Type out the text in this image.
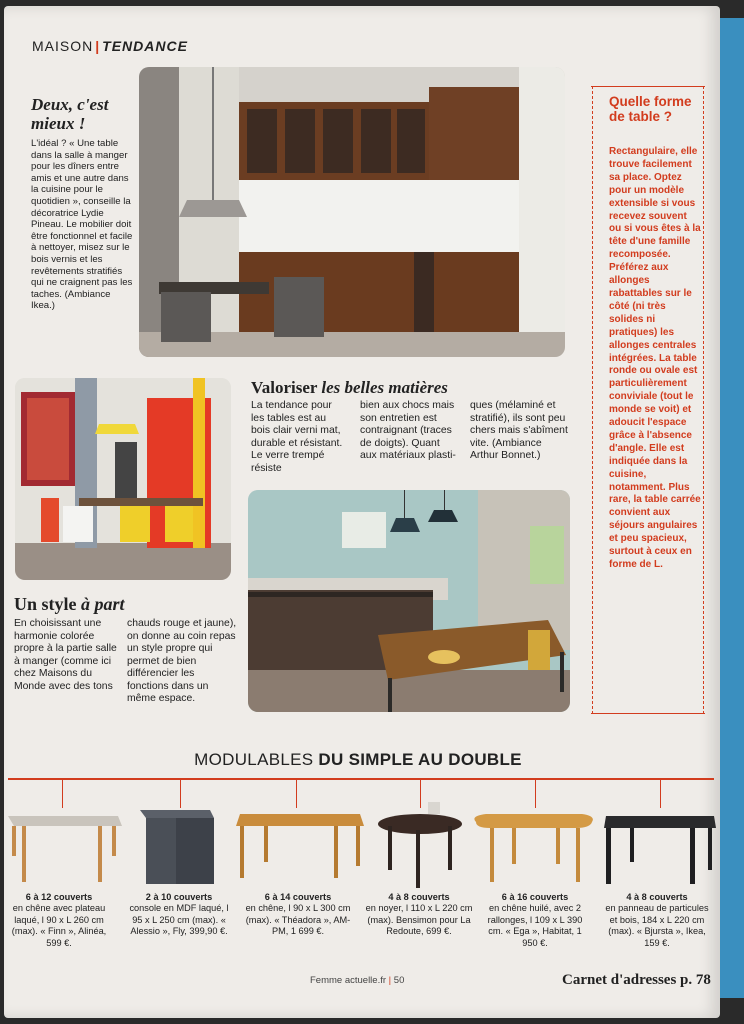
MAISON | TENDANCE
Deux, c'est mieux !
L'idéal ? « Une table dans la salle à manger pour les dîners entre amis et une autre dans la cuisine pour le quotidien », conseille la décoratrice Lydie Pineau. Le mobilier doit être fonctionnel et facile à nettoyer, misez sur le bois vernis et les revêtements stratifiés qui ne craignent pas les taches. (Ambiance Ikea.)
Valoriser les belles matières
La tendance pour les tables est au bois clair verni mat, durable et résistant. Le verre trempé résiste
bien aux chocs mais son entretien est contraignant (traces de doigts). Quant aux matériaux plasti-
ques (mélaminé et stratifié), ils sont peu chers mais s'abîment vite. (Ambiance Arthur Bonnet.)
Un style à part
En choisissant une harmonie colorée propre à la partie salle à manger (comme ici chez Maisons du Monde avec des tons
chauds rouge et jaune), on donne au coin repas un style propre qui permet de bien différencier les fonctions dans un même espace.
Quelle forme de table ?
Rectangulaire, elle trouve facilement sa place. Optez pour un modèle extensible si vous recevez souvent ou si vous êtes à la tête d'une famille recomposée. Préférez aux allonges rabattables sur le côté (ni très solides ni pratiques) les allonges centrales intégrées. La table ronde ou ovale est particulièrement conviviale (tout le monde se voit) et adoucit l'espace grâce à l'absence d'angle. Elle est indiquée dans la cuisine, notamment. Plus rare, la table carrée convient aux séjours angulaires et peu spacieux, surtout à ceux en forme de L.
MODULABLES DU SIMPLE AU DOUBLE
6 à 12 couverts
en chêne avec plateau laqué, l 90 x L 260 cm (max). « Finn », Alinéa, 599 €.
2 à 10 couverts
console en MDF laqué, l 95 x L 250 cm (max). « Alessio », Fly, 399,90 €.
6 à 14 couverts
en chêne, l 90 x L 300 cm (max). « Théadora », AM-PM, 1 699 €.
4 à 8 couverts
en noyer, l 110 x L 220 cm (max). Bensimon pour La Redoute, 699 €.
6 à 16 couverts
en chêne huilé, avec 2 rallonges, l 109 x L 390 cm. « Ega », Habitat, 1 950 €.
4 à 8 couverts
en panneau de particules et bois, 184 x L 220 cm (max). « Bjursta », Ikea, 159 €.
Femme actuelle.fr | 50	Carnet d'adresses p. 78
